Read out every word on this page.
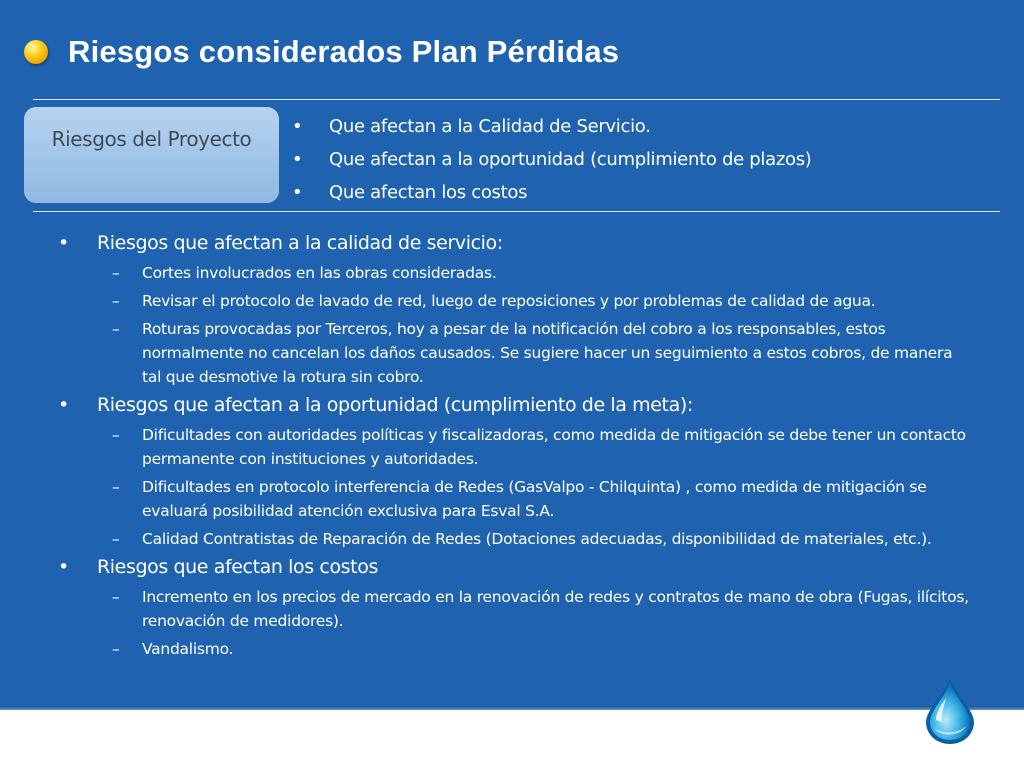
Riesgos considerados Plan Pérdidas
Riesgos del Proyecto
• Que afectan a la Calidad de Servicio.
• Que afectan a la oportunidad (cumplimiento de plazos)
• Que afectan los costos
• Riesgos que afectan a la calidad de servicio:
– Cortes involucrados en las obras consideradas.
– Revisar el protocolo de lavado de red, luego de reposiciones y por problemas de calidad de agua.
– Roturas provocadas por Terceros, hoy a pesar de la notificación del cobro a los responsables, estos normalmente no cancelan los daños causados. Se sugiere hacer un seguimiento a estos cobros, de manera tal que desmotive la rotura sin cobro.
• Riesgos que afectan a la oportunidad (cumplimiento de la meta):
– Dificultades con autoridades políticas y fiscalizadoras, como medida de mitigación se debe tener un contacto permanente con instituciones y autoridades.
– Dificultades en protocolo interferencia de Redes (GasValpo - Chilquinta) , como medida de mitigación se evaluará posibilidad atención exclusiva para Esval S.A.
– Calidad Contratistas de Reparación de Redes (Dotaciones adecuadas, disponibilidad de materiales, etc.).
• Riesgos que afectan los costos
– Incremento en los precios de mercado en la renovación de redes y contratos de mano de obra (Fugas, ilícitos, renovación de medidores).
– Vandalismo.
